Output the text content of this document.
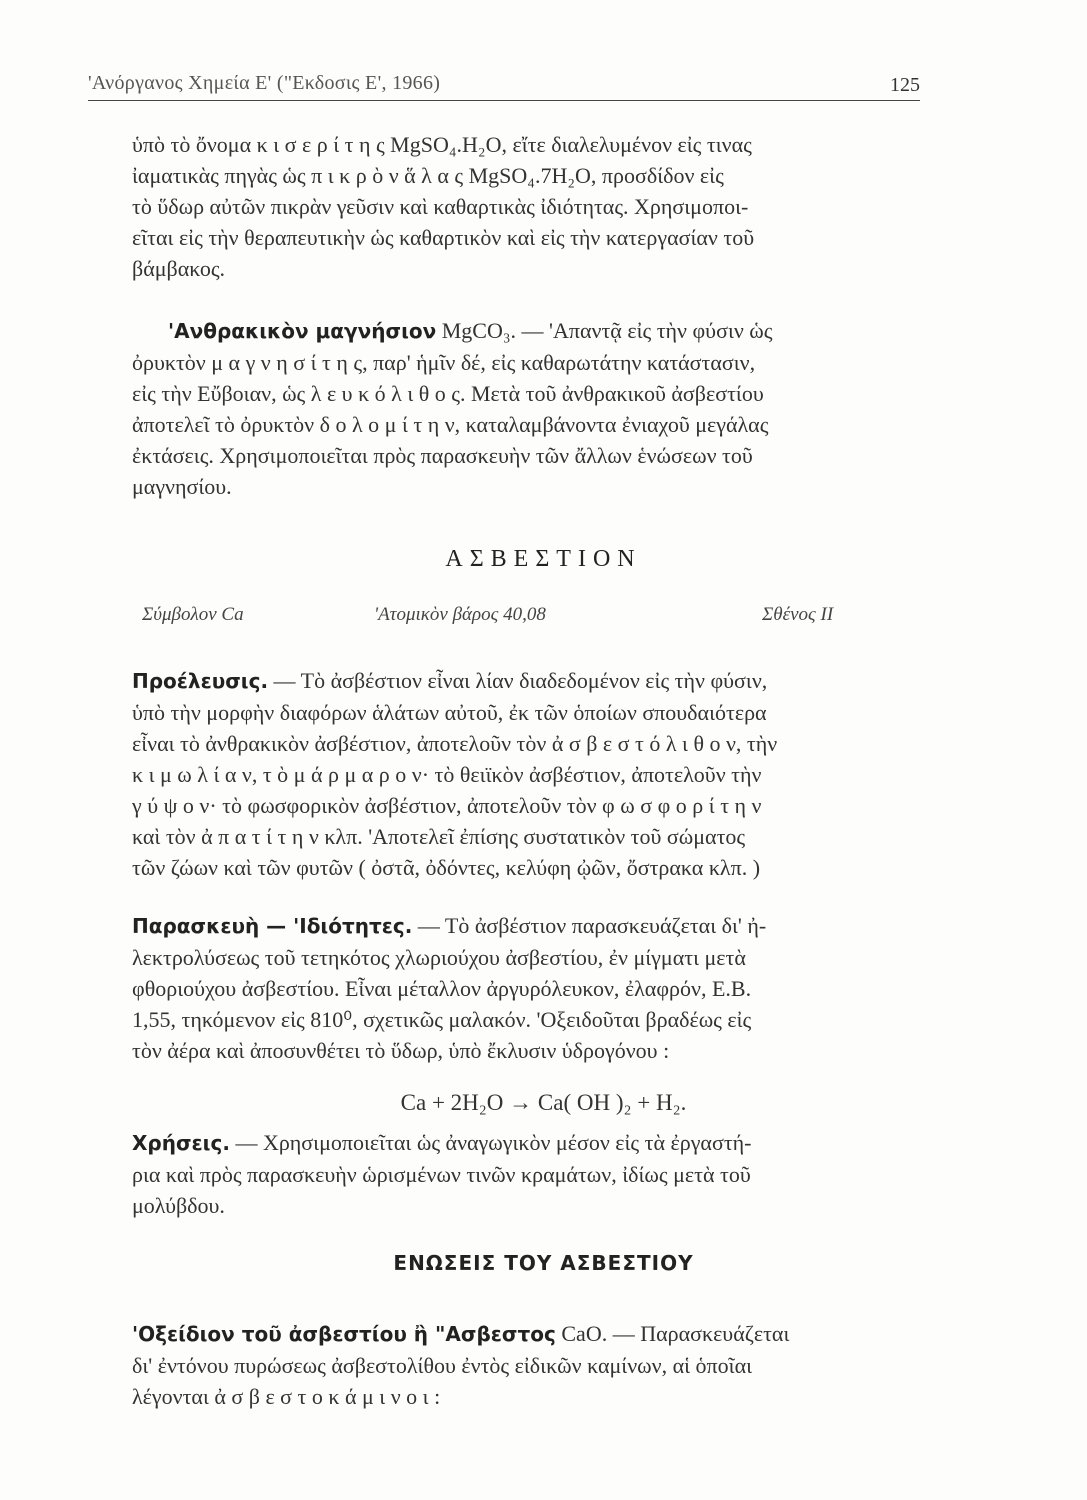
'Ανόργανος Χημεία Ε' ("Εκδοσις Ε', 1966)	125
ὑπὸ τὸ ὄνομα κ ι σ ε ρ ί τ η ς MgSO₄.H₂O, εἴτε διαλελυμένον εἰς τινας
ἰαματικὰς πηγὰς ὡς π ι κ ρ ὸ ν ἅ λ α ς MgSO₄.7H₂O, προσδίδον εἰς
τὸ ὕδωρ αὐτῶν πικρὰν γεῦσιν καὶ καθαρτικὰς ἰδιότητας. Χρησιμοποι-
εῖται εἰς τὴν θεραπευτικὴν ὡς καθαρτικὸν καὶ εἰς τὴν κατεργασίαν τοῦ
βάμβακος.
'Ανθρακικὸν μαγνήσιον MgCO₃. — 'Απαντᾷ εἰς τὴν φύσιν ὡς
ὀρυκτὸν μ α γ ν η σ ί τ η ς, παρ' ἡμῖν δέ, εἰς καθαρωτάτην κατάστασιν,
εἰς τὴν Εὔβοιαν, ὡς λ ε υ κ ό λ ι θ ο ς. Μετὰ τοῦ ἀνθρακικοῦ ἀσβεστίου
ἀποτελεῖ τὸ ὀρυκτὸν δ ο λ ο μ ί τ η ν, καταλαμβάνοντα ἐνιαχοῦ μεγάλας
ἐκτάσεις. Χρησιμοποιεῖται πρὸς παρασκευὴν τῶν ἄλλων ἑνώσεων τοῦ
μαγνησίου.
ΑΣΒΕΣΤΙΟΝ
Σύμβολον Ca	'Ατομικὸν βάρος 40,08	Σθένος ΙΙ
Προέλευσις. — Τὸ ἀσβέστιον εἶναι λίαν διαδεδομένον εἰς τὴν φύσιν,
ὑπὸ τὴν μορφὴν διαφόρων ἁλάτων αὐτοῦ, ἐκ τῶν ὁποίων σπουδαιότερα
εἶναι τὸ ἀνθρακικὸν ἀσβέστιον, ἀποτελοῦν τὸν ἀ σ β ε σ τ ό λ ι θ ο ν, τὴν
κ ι μ ω λ ί α ν, τ ὸ μ ά ρ μ α ρ ο ν· τὸ θειϊκὸν ἀσβέστιον, ἀποτελοῦν τὴν
γ ύ ψ ο ν· τὸ φωσφορικὸν ἀσβέστιον, ἀποτελοῦν τὸν φ ω σ φ ο ρ ί τ η ν
καὶ τὸν ἀ π α τ ί τ η ν κλπ. 'Αποτελεῖ ἐπίσης συστατικὸν τοῦ σώματος
τῶν ζώων καὶ τῶν φυτῶν ( ὀστᾶ, ὀδόντες, κελύφη ᾠῶν, ὄστρακα κλπ. )
Παρασκευὴ — 'Ιδιότητες. — Τὸ ἀσβέστιον παρασκευάζεται δι' ἠ-
λεκτρολύσεως τοῦ τετηκότος χλωριούχου ἀσβεστίου, ἐν μίγματι μετὰ
φθοριούχου ἀσβεστίου. Εἶναι μέταλλον ἀργυρόλευκον, ἐλαφρόν, Ε.Β.
1,55, τηκόμενον εἰς 810⁰, σχετικῶς μαλακόν. 'Οξειδοῦται βραδέως εἰς
τὸν ἀέρα καὶ ἀποσυνθέτει τὸ ὕδωρ, ὑπὸ ἔκλυσιν ὑδρογόνου :
Ca + 2H₂O → Ca( OH )₂ + H₂.
Χρήσεις. — Χρησιμοποιεῖται ὡς ἀναγωγικὸν μέσον εἰς τὰ ἐργαστή-
ρια καὶ πρὸς παρασκευὴν ὡρισμένων τινῶν κραμάτων, ἰδίως μετὰ τοῦ
μολύβδου.
ΕΝΩΣΕΙΣ ΤΟΥ ΑΣΒΕΣΤΙΟΥ
'Οξείδιον τοῦ ἀσβεστίου ἢ "Ασβεστος CaO. — Παρασκευάζεται
δι' ἐντόνου πυρώσεως ἀσβεστολίθου ἐντὸς εἰδικῶν καμίνων, αἱ ὁποῖαι
λέγονται ἀ σ β ε σ τ ο κ ά μ ι ν ο ι :
